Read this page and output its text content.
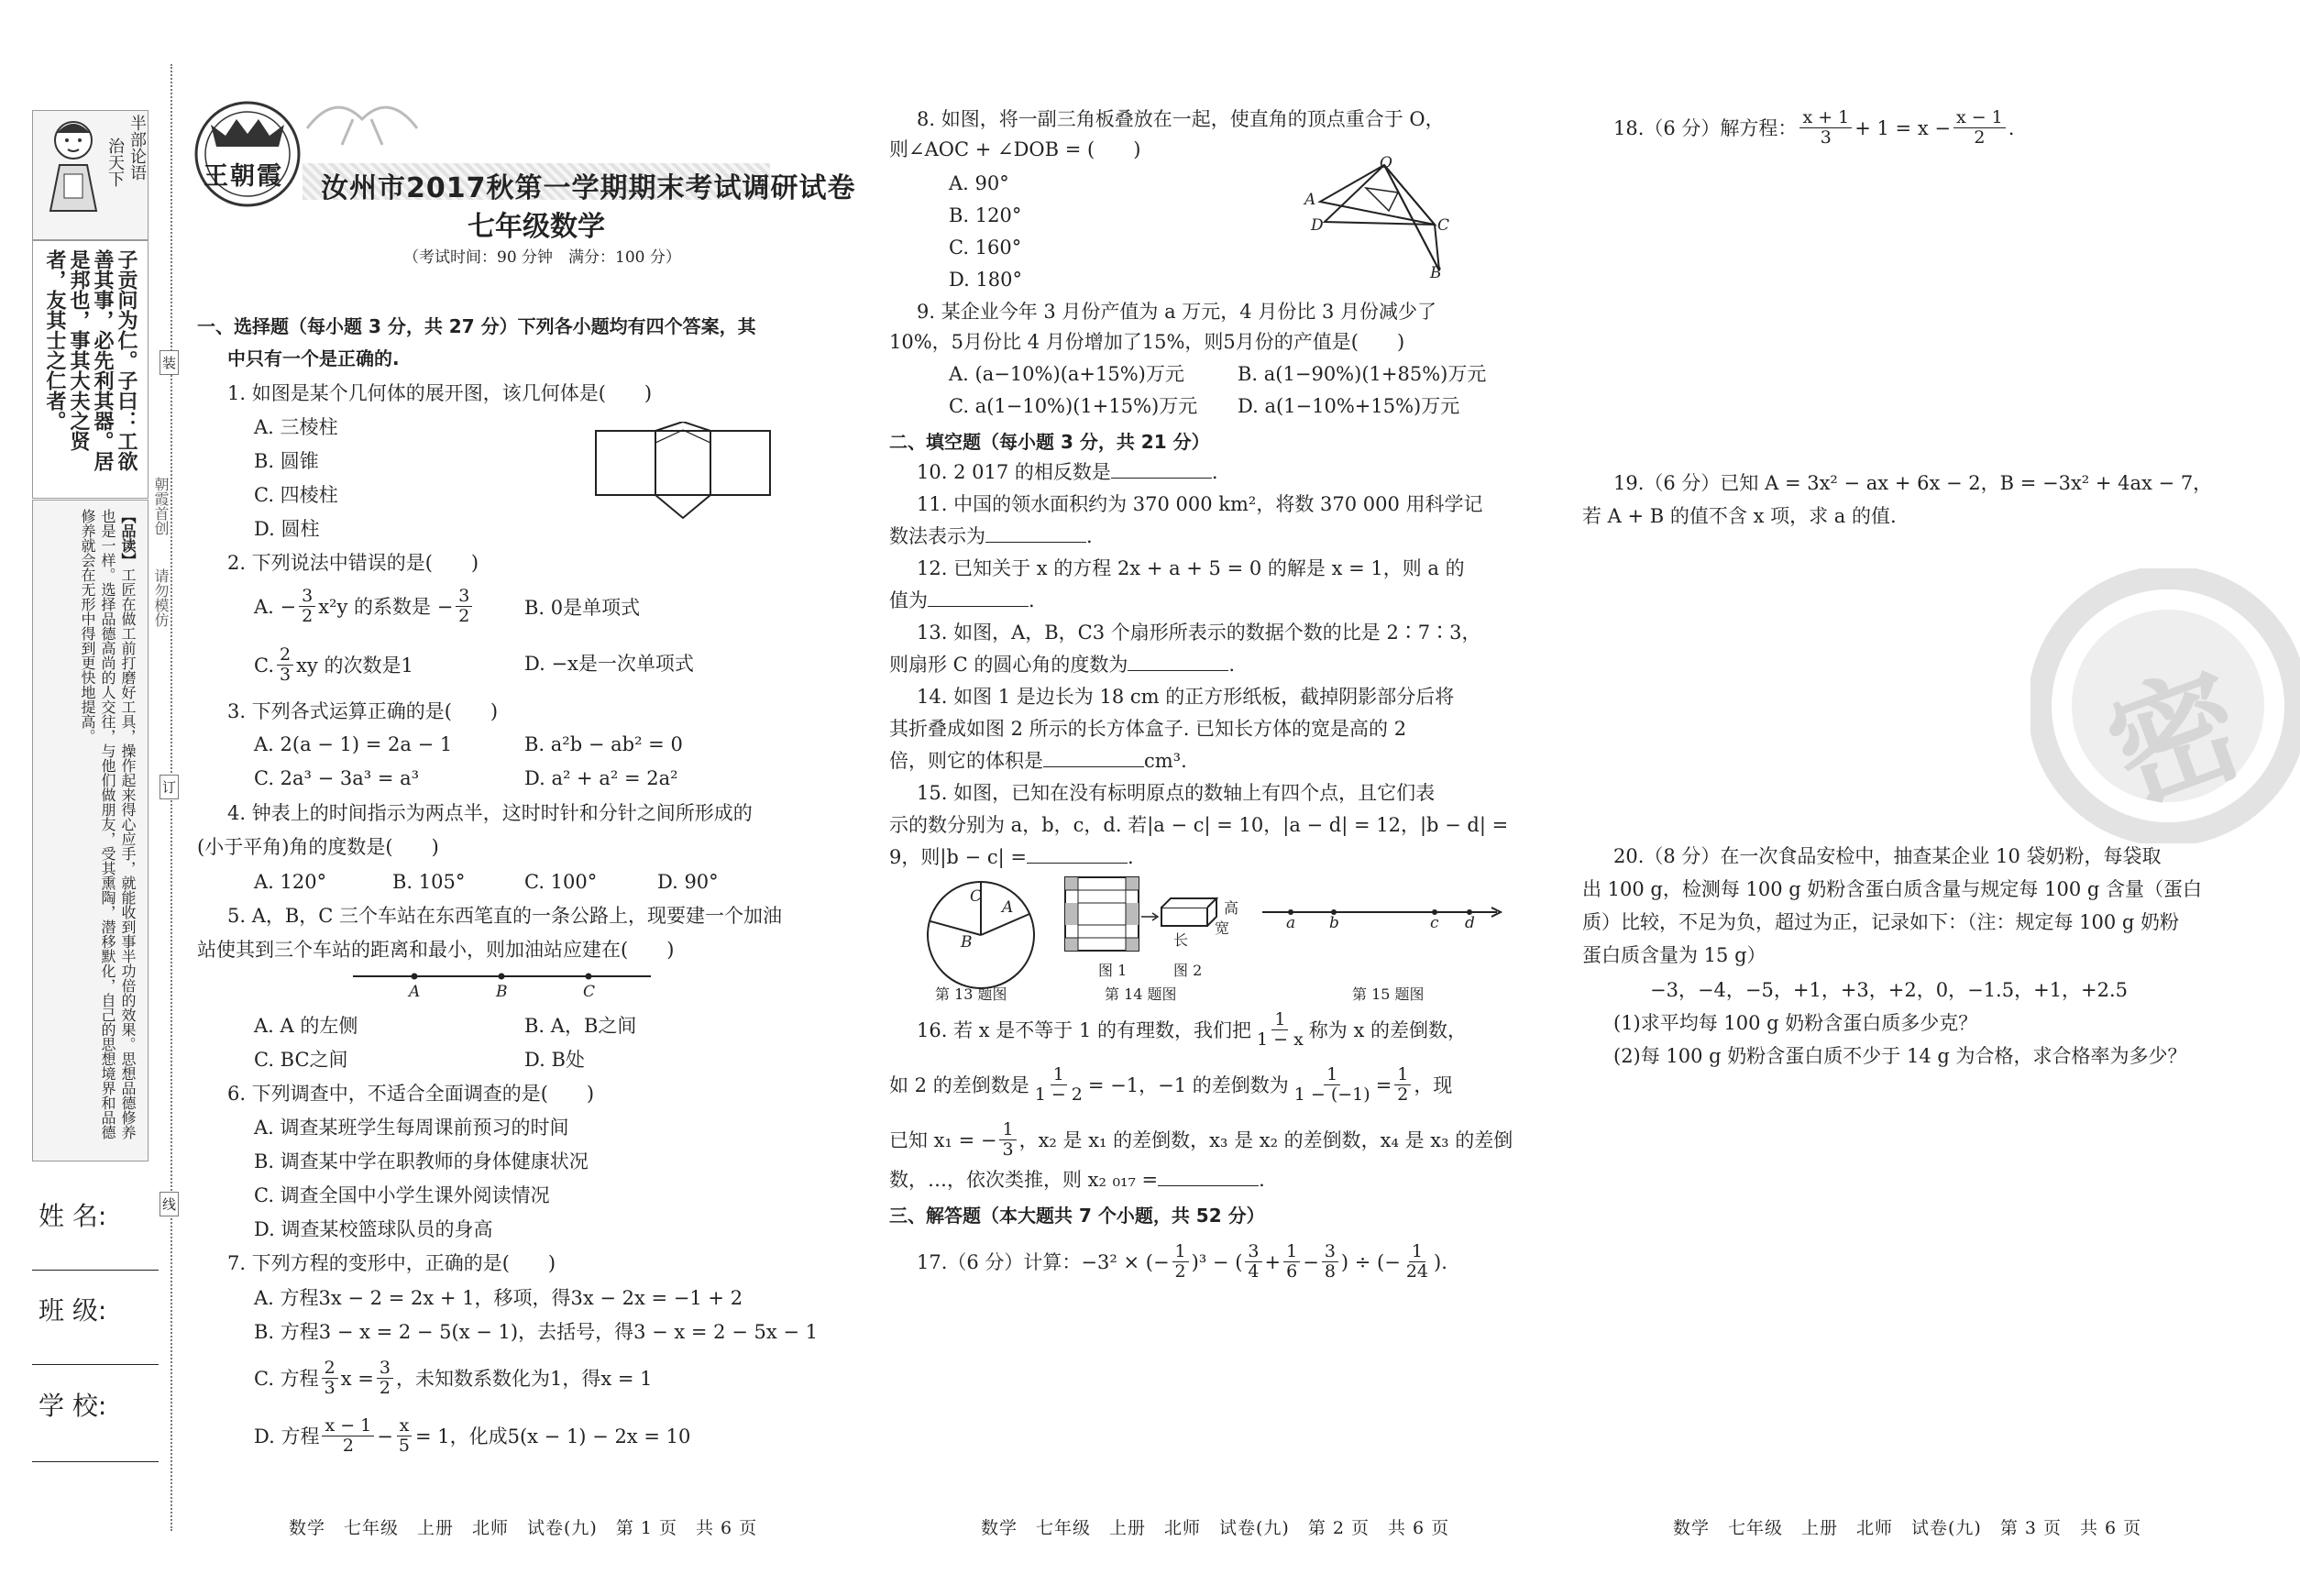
半部论语
治天下
子贡问为仁。子曰：工欲善其事，必先利其器。居是邦也，事其大夫之贤者，友其士之仁者。
【品读】工匠在做工前打磨好工具，操作起来得心应手，就能收到事半功倍的效果。思想品德修养也是一样。选择品德高尚的人交往，与他们做朋友，受其熏陶，潜移默化，自己的思想境界和品德修养就会在无形中得到更快地提高。
装
订
线
朝霞首创
请勿模仿
姓 名:
班 级:
学 校:
王朝霞 汝州市2017秋第一学期期末考试调研试卷
七年级数学
（考试时间：90 分钟　满分：100 分）
一、选择题（每小题 3 分，共 27 分）下列各小题均有四个答案，其
中只有一个是正确的.
1. 如图是某个几何体的展开图，该几何体是(　　)
A. 三棱柱
B. 圆锥
C. 四棱柱
D. 圆柱
2. 下列说法中错误的是(　　)
A. − $\frac{3}{2} x^2y$ 的系数是 − $\frac{3}{2}$	B. 0是单项式
C. $\frac{2}{3}$ xy 的次数是1	D. −x是一次单项式
3. 下列各式运算正确的是(　　)
A. 2(a − 1) = 2a − 1	B. a²b − ab² = 0
C. 2a³ − 3a³ = a³	D. a² + a² = 2a²
4. 钟表上的时间指示为两点半，这时时针和分针之间所形成的
(小于平角)角的度数是(　　)
A. 120°	B. 105°	C. 100°	D. 90°
5. A，B，C 三个车站在东西笔直的一条公路上，现要建一个加油
站使其到三个车站的距离和最小，则加油站应建在(　　)
A	B	C
A. A 的左侧	B. A，B之间
C. BC之间	D. B处
6. 下列调查中，不适合全面调查的是(　　)
A. 调查某班学生每周课前预习的时间
B. 调查某中学在职教师的身体健康状况
C. 调查全国中小学生课外阅读情况
D. 调查某校篮球队员的身高
7. 下列方程的变形中，正确的是(　　)
A. 方程3x − 2 = 2x + 1，移项，得3x − 2x = −1 + 2
B. 方程3 − x = 2 − 5(x − 1)，去括号，得3 − x = 2 − 5x − 1
C. 方程 $\frac{2}{3}$ $x = \frac{3}{2}$ ，未知数系数化为1，得x = 1
D. 方程 $\frac{x - 1}{2} - \frac{x}{5} = 1$，化成5(x − 1) − 2x = 10
数学　七年级　上册　北师　试卷(九)　第 1 页　共 6 页
8. 如图，将一副三角板叠放在一起，使直角的顶点重合于 O，
则∠AOC + ∠DOB = (　　)
A. 90°
B. 120°
C. 160°
D. 180°
O
A
D	C
B
9. 某企业今年 3 月份产值为 a 万元，4 月份比 3 月份减少了
10%，5月份比 4 月份增加了15%，则5月份的产值是(　　)
A. (a−10%)(a+15%)万元	B. a(1−90%)(1+85%)万元
C. a(1−10%)(1+15%)万元 D. a(1−10%+15%)万元
二、填空题（每小题 3 分，共 21 分）
10. 2 017 的相反数是	.
11. 中国的领水面积约为 370 000 km²，将数 370 000 用科学记
数法表示为	.
12. 已知关于 x 的方程 2x + a + 5 = 0 的解是 x = 1，则 a 的
值为	.
13. 如图，A，B，C3 个扇形所表示的数据个数的比是 2∶7∶3，
则扇形 C 的圆心角的度数为	.
14. 如图 1 是边长为 18 cm 的正方形纸板，截掉阴影部分后将
其折叠成如图 2 所示的长方体盒子. 已知长方体的宽是高的 2
倍，则它的体积是	cm³.
15. 如图，已知在没有标明原点的数轴上有四个点，且它们表
示的数分别为 a，b，c，d. 若|a − c| = 10，|a − d| = 12，|b − d| =
9，则|b − c| =	.
C
A
B
第 13 题图
高
宽
长
图 1	图 2
第 14 题图
a b	c d
第 15 题图
16. 若 x 是不等于 1 的有理数，我们把 $\frac{1}{1 - x}$ 称为 x 的差倒数，
如 2 的差倒数是 $\frac{1}{1 - 2} = -1$，−1 的差倒数为 $\frac{1}{1 - (-1)} = \frac{1}{2}$ ，现
已知 x₁ = − $\frac{1}{3}$ ，x₂ 是 x₁ 的差倒数，x₃ 是 x₂ 的差倒数，x₄ 是 x₃ 的差倒
数，…，依次类推，则 x₂ ₀₁₇ =	.
三、解答题（本大题共 7 个小题，共 52 分）
17.（6 分）计算：−3² × (− $\frac{1}{2} )^3$ − ( $\frac{3}{4} + \frac{1}{6} - \frac{3}{8}$ ) ÷ (− $\frac{1}{24}$ ).
数学　七年级　上册　北师　试卷(九)　第 2 页　共 6 页
18.（6 分）解方程： $\frac{x + 1}{3} + 1 = x - \frac{x - 1}{2}$ .
19.（6 分）已知 A = 3x² − ax + 6x − 2，B = −3x² + 4ax − 7，
若 A + B 的值不含 x 项，求 a 的值.
20.（8 分）在一次食品安检中，抽查某企业 10 袋奶粉，每袋取
出 100 g，检测每 100 g 奶粉含蛋白质含量与规定每 100 g 含量（蛋白
质）比较，不足为负，超过为正，记录如下：（注：规定每 100 g 奶粉
蛋白质含量为 15 g）
−3，−4，−5，+1，+3，+2，0，−1.5，+1，+2.5
(1)求平均每 100 g 奶粉含蛋白质多少克？
(2)每 100 g 奶粉含蛋白质不少于 14 g 为合格，求合格率为多少？
密
数学　七年级　上册　北师　试卷(九)　第 3 页　共 6 页
